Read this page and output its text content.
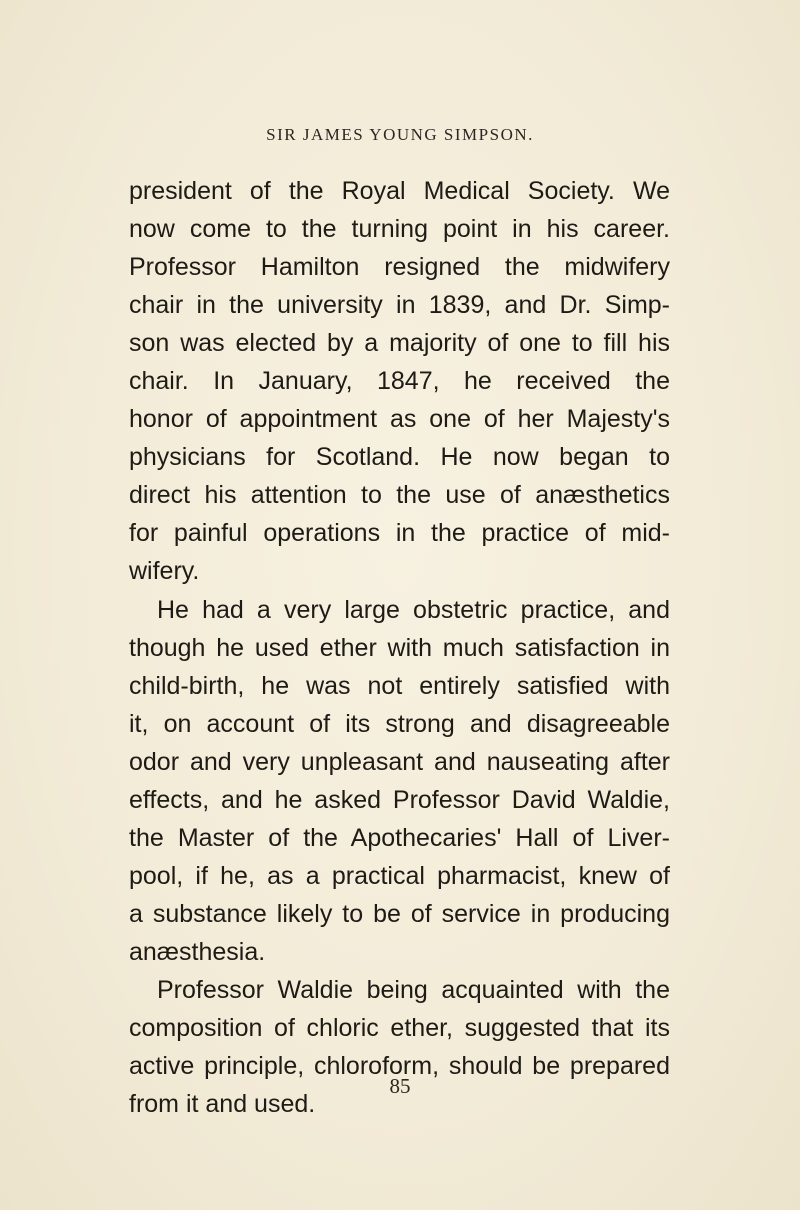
SIR JAMES YOUNG SIMPSON.
president of the Royal Medical Society. We
now come to the turning point in his career.
Professor Hamilton resigned the midwifery
chair in the university in 1839, and Dr. Simp-
son was elected by a majority of one to fill his
chair. In January, 1847, he received the
honor of appointment as one of her Majesty's
physicians for Scotland. He now began to
direct his attention to the use of anæsthetics
for painful operations in the practice of mid-
wifery.
He had a very large obstetric practice, and
though he used ether with much satisfaction in
child-birth, he was not entirely satisfied with
it, on account of its strong and disagreeable
odor and very unpleasant and nauseating after
effects, and he asked Professor David Waldie,
the Master of the Apothecaries' Hall of Liver-
pool, if he, as a practical pharmacist, knew of
a substance likely to be of service in producing
anæsthesia.
Professor Waldie being acquainted with the
composition of chloric ether, suggested that its
active principle, chloroform, should be prepared
from it and used.
85
